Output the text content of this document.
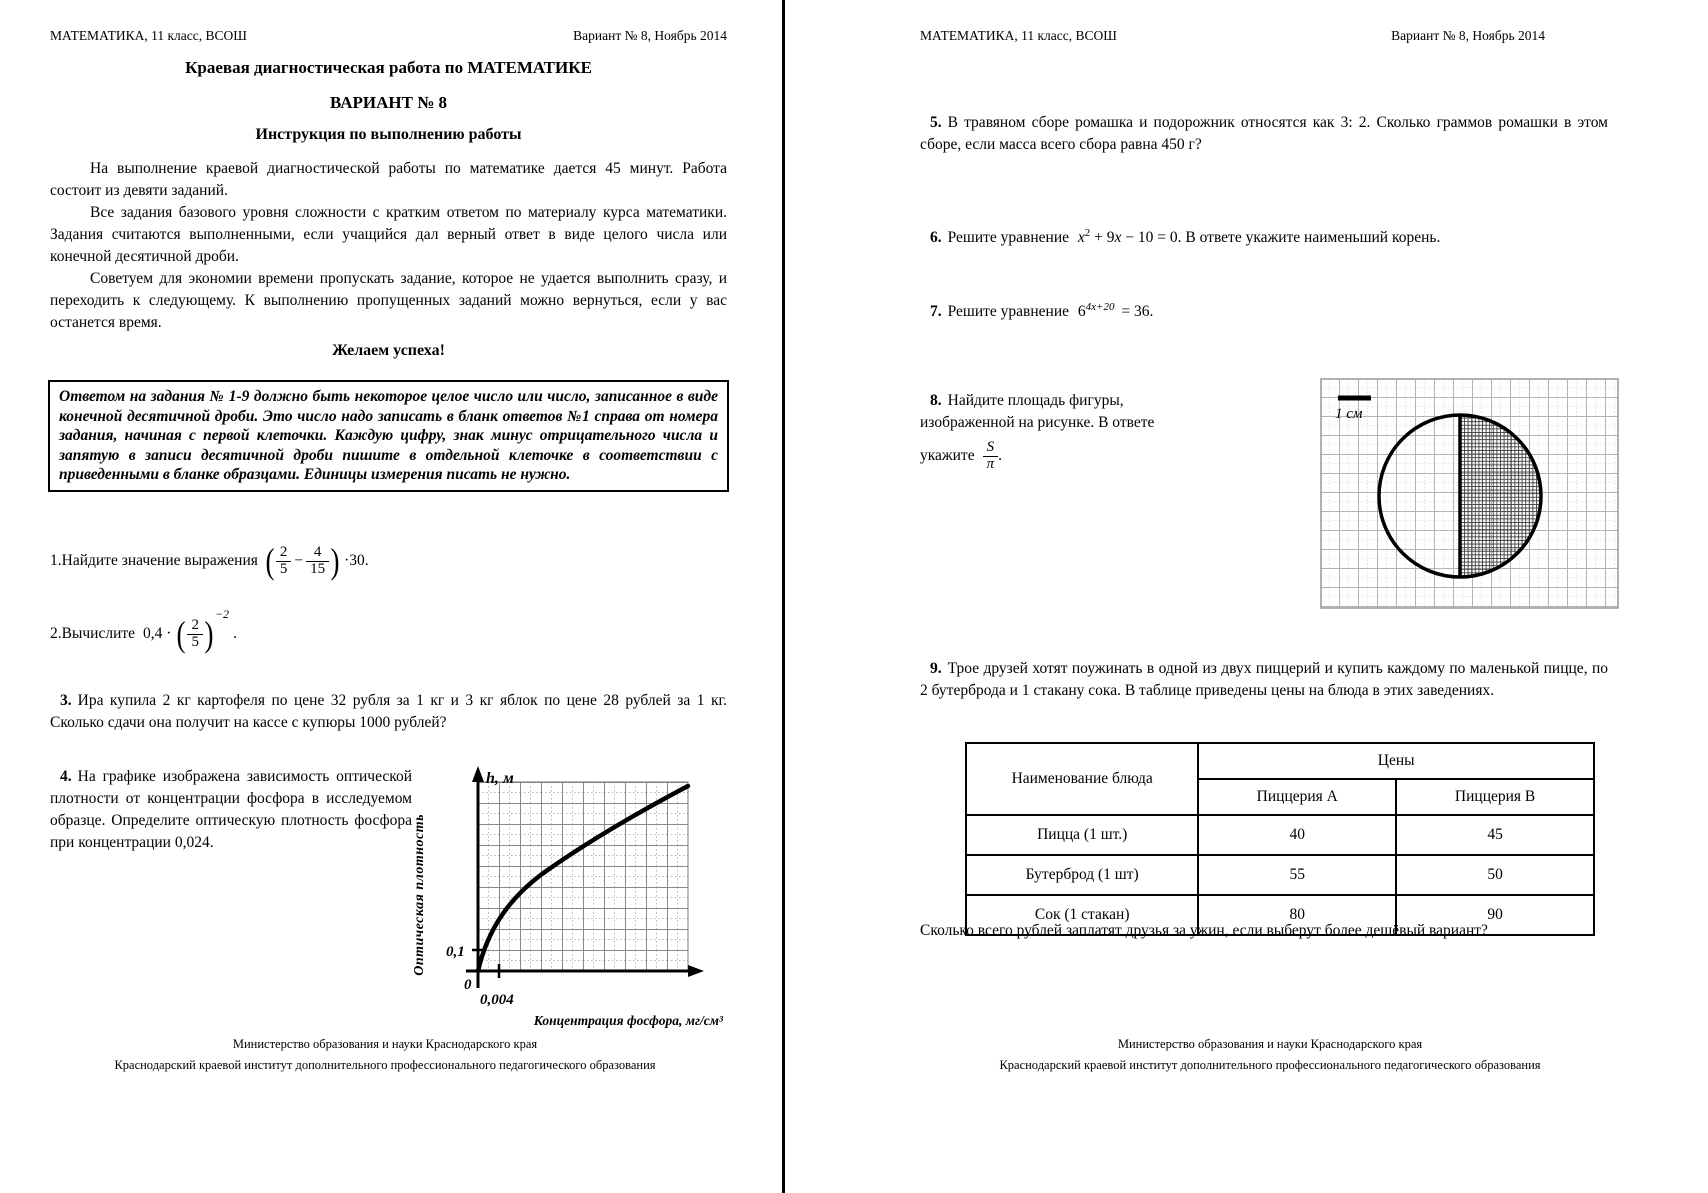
МАТЕМАТИКА, 11 класс, ВСОШ	Вариант № 8, Ноябрь 2014
Краевая диагностическая работа по МАТЕМАТИКЕ
ВАРИАНТ № 8
Инструкция по выполнению работы

На выполнение краевой диагностической работы по математике дается 45 минут. Работа состоит из девяти заданий.

Все задания базового уровня сложности с кратким ответом по материалу курса математики. Задания считаются выполненными, если учащийся дал верный ответ в виде целого числа или конечной десятичной дроби.

Советуем для экономии времени пропускать задание, которое не удается выполнить сразу, и переходить к следующему. К выполнению пропущенных заданий можно вернуться, если у вас останется время.

Желаем успеха!
Ответом на задания № 1-9 должно быть некоторое целое число или число, записанное в виде конечной десятичной дроби. Это число надо записать в бланк ответов №1 справа от номера задания, начиная с первой клеточки. Каждую цифру, знак минус отрицательного числа и запятую в записи десятичной дроби пишите в отдельной клеточке в соответствии с приведенными в бланке образцами. Единицы измерения писать не нужно.
1. Найдите значение выражения ( $\frac{2}{5} - \frac{4}{15}$ ) ·30.
2. Вычислите 0,4 · ( $\frac{2}{5}$ )
−2
.
3. Ира купила 2 кг картофеля по цене 32 рубля за 1 кг и 3 кг яблок по цене 28 рублей за 1 кг. Сколько сдачи она получит на кассе с купюры 1000 рублей?
4. На графике изображена зависимость оптической плотности от концентрации фосфора в исследуемом образце. Определите оптическую плотность фосфора при концентрации 0,024.	Оптическая плотность
h, м
0,1
0
0,004
Концентрация фосфора, мг/см³
Министерство образования и науки Краснодарского края
Краснодарский краевой институт дополнительного профессионального педагогического образования
МАТЕМАТИКА, 11 класс, ВСОШ	Вариант № 8, Ноябрь 2014
5. В травяном сборе ромашка и подорожник относятся как 3: 2. Сколько граммов ромашки в этом сборе, если масса всего сбора равна 450 г?
6. Решите уравнение $x^2 + 9x - 10 = 0$. В ответе укажите наименьший корень.
7. Решите уравнение $6^{4x+20} = 36$.
8. Найдите площадь фигуры, изображенной на рисунке. В ответе

укажите $\frac{S}{\pi}$ .
1 см
9. Трое друзей хотят поужинать в одной из двух пиццерий и купить каждому по маленькой пицце, по 2 бутерброда и 1 стакану сока. В таблице приведены цены на блюда в этих заведениях.
Наименование блюда	Цены	
	Пиццерия А	Пиццерия В
Пицца (1 шт.)	40	45
Бутерброд (1 шт)	55	50
Сок (1 стакан)	80	90
Сколько всего рублей заплатят друзья за ужин, если выберут более дешёвый вариант?
Министерство образования и науки Краснодарского края
Краснодарский краевой институт дополнительного профессионального педагогического образования
